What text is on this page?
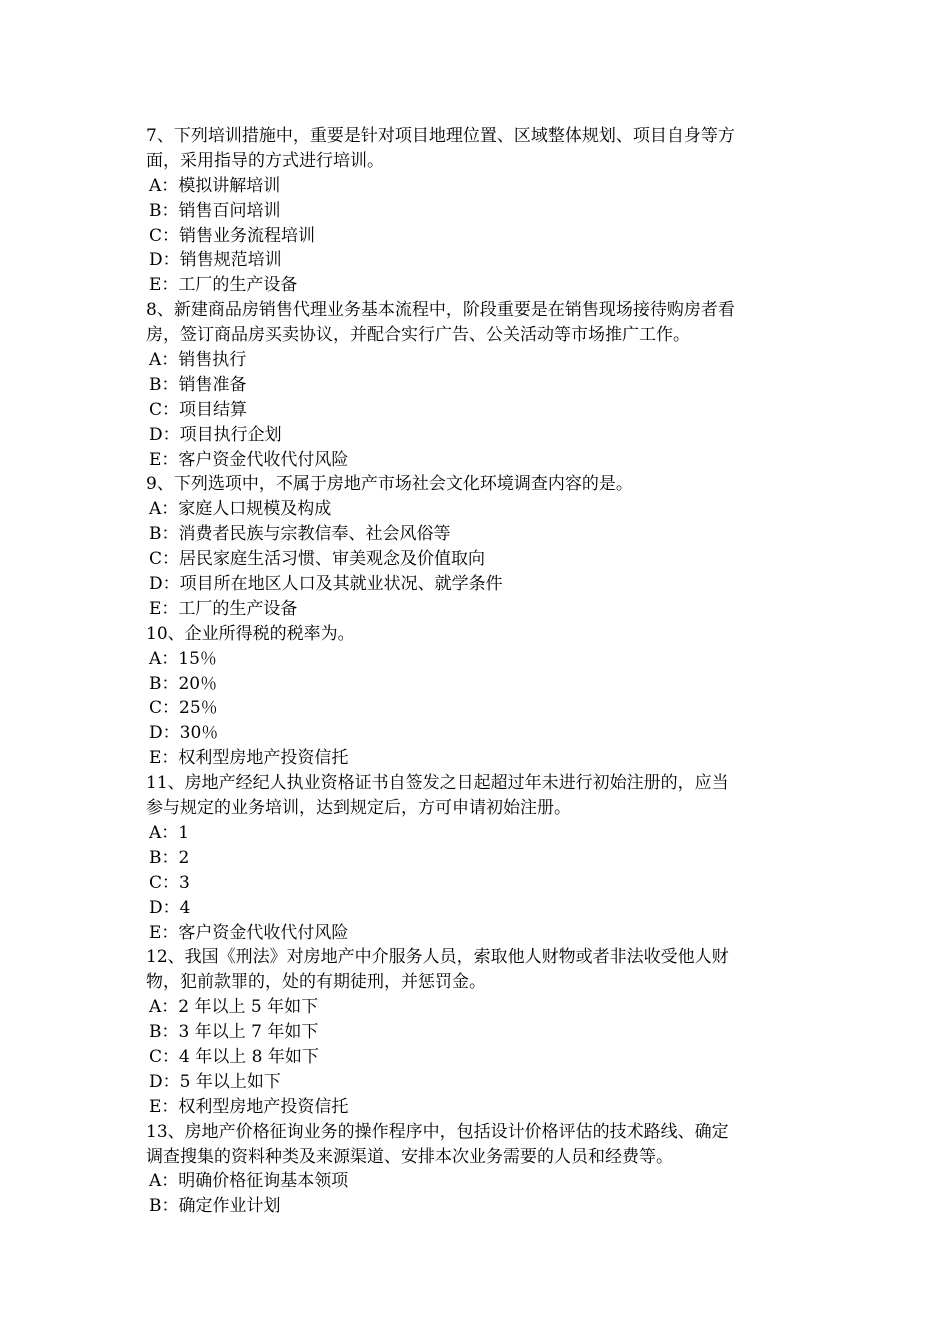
7、下列培训措施中，重要是针对项目地理位置、区域整体规划、项目自身等方
面，采用指导的方式进行培训。
A：模拟讲解培训
B：销售百问培训
C：销售业务流程培训
D：销售规范培训
E：工厂的生产设备
8、新建商品房销售代理业务基本流程中，阶段重要是在销售现场接待购房者看
房，签订商品房买卖协议，并配合实行广告、公关活动等市场推广工作。
A：销售执行
B：销售准备
C：项目结算
D：项目执行企划
E：客户资金代收代付风险
9、下列选项中，不属于房地产市场社会文化环境调查内容的是。
A：家庭人口规模及构成
B：消费者民族与宗教信奉、社会风俗等
C：居民家庭生活习惯、审美观念及价值取向
D：项目所在地区人口及其就业状况、就学条件
E：工厂的生产设备
10、企业所得税的税率为。
A：15％
B：20％
C：25％
D：30％
E：权利型房地产投资信托
11、房地产经纪人执业资格证书自签发之日起超过年未进行初始注册的，应当
参与规定的业务培训，达到规定后，方可申请初始注册。
A：1
B：2
C：3
D：4
E：客户资金代收代付风险
12、我国《刑法》对房地产中介服务人员，索取他人财物或者非法收受他人财
物，犯前款罪的，处的有期徒刑，并惩罚金。
A：2 年以上 5 年如下
B：3 年以上 7 年如下
C：4 年以上 8 年如下
D：5 年以上如下
E：权利型房地产投资信托
13、房地产价格征询业务的操作程序中，包括设计价格评估的技术路线、确定
调查搜集的资料种类及来源渠道、安排本次业务需要的人员和经费等。
A：明确价格征询基本领项
B：确定作业计划
